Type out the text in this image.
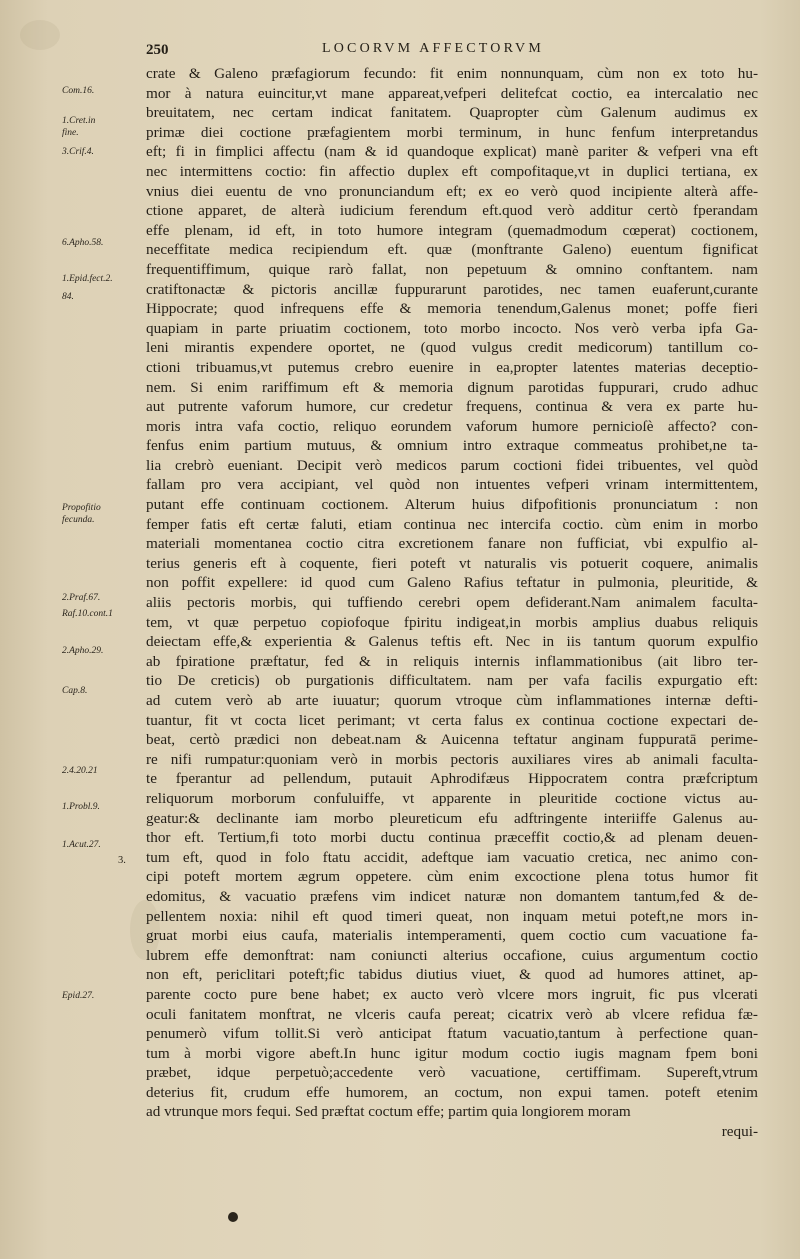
250	LOCORVM AFFECTORVM
Com.16.
1.Cret.in
fine.
3.Crif.4.
6.Apho.58.
1.Epid.fect.2.
84.
Propofitio
fecunda.
2.Praf.67.
Raf.10.cont.1
2.Apho.29.
Cap.8.
2.4.20.21
1.Probl.9.
1.Acut.27.
3.
Epid.27.
crate & Galeno præfagiorum fecundo: fit enim nonnunquam, cùm non ex toto hu-
mor à natura euincitur,vt mane appareat,vefperi delitefcat coctio, ea intercalatio nec
breuitatem, nec certam indicat fanitatem. Quapropter cùm Galenum audimus ex
primæ diei coctione præfagientem morbi terminum, in hunc fenfum interpretandus
eft; fi in fimplici affectu (nam & id quandoque explicat) manè pariter & vefperi vna eft
nec intermittens coctio: fin affectio duplex eft compofitaque,vt in duplici tertiana, ex
vnius diei euentu de vno pronunciandum eft; ex eo verò quod incipiente alterà affe-
ctione apparet, de alterà iudicium ferendum eft.quod verò additur certò fperandam
effe plenam, id eft, in toto humore integram (quemadmodum cœperat) coctionem,
neceffitate medica recipiendum eft. quæ (monftrante Galeno) euentum fignificat
frequentiffimum, quique rarò fallat, non pepetuum & omnino conftantem. nam
cratiftonactæ & pictoris ancillæ fuppurarunt parotides, nec tamen euaferunt,curante
Hippocrate; quod infrequens effe & memoria tenendum,Galenus monet; poffe fieri
quapiam in parte priuatim coctionem, toto morbo incocto. Nos verò verba ipfa Ga-
leni mirantis expendere oportet, ne (quod vulgus credit medicorum) tantillum co-
ctioni tribuamus,vt putemus crebro euenire in ea,propter latentes materias deceptio-
nem. Si enim rariffimum eft & memoria dignum parotidas fuppurari, crudo adhuc
aut putrente vaforum humore, cur credetur frequens, continua & vera ex parte hu-
moris intra vafa coctio, reliquo eorundem vaforum humore pernicioſè affecto? con-
fenfus enim partium mutuus, & omnium intro extraque commeatus prohibet,ne ta-
lia crebrò eueniant. Decipit verò medicos parum coctioni fidei tribuentes, vel quòd
fallam pro vera accipiant, vel quòd non intuentes vefperi vrinam intermittentem,
putant effe continuam coctionem. Alterum huius difpofitionis pronunciatum : non
femper fatis eft certæ faluti, etiam continua nec intercifa coctio. cùm enim in morbo
materiali momentanea coctio citra excretionem fanare non fufficiat, vbi expulfio al-
terius generis eft à coquente, fieri poteft vt naturalis vis potuerit coquere, animalis
non poffit expellere: id quod cum Galeno Rafius teftatur in pulmonia, pleuritide, &
aliis pectoris morbis, qui tuffiendo cerebri opem defiderant.Nam animalem faculta-
tem, vt quæ perpetuo copiofoque fpiritu indigeat,in morbis amplius duabus reliquis
deiectam effe,& experientia & Galenus teftis eft. Nec in iis tantum quorum expulfio
ab fpiratione præftatur, fed & in reliquis internis inflammationibus (ait libro ter-
tio De creticis) ob purgationis difficultatem. nam per vafa facilis expurgatio eft:
ad cutem verò ab arte iuuatur; quorum vtroque cùm inflammationes internæ defti-
tuantur, fit vt cocta licet perimant; vt certa falus ex continua coctione expectari de-
beat, certò prædici non debeat.nam & Auicenna teftatur anginam fuppuratā perime-
re nifi rumpatur:quoniam verò in morbis pectoris auxiliares vires ab animali faculta-
te fperantur ad pellendum, putauit Aphrodifæus Hippocratem contra præfcriptum
reliquorum morborum confuluiffe, vt apparente in pleuritide coctione victus au-
geatur:& declinante iam morbo pleureticum efu adftringente interiiffe Galenus au-
thor eft. Tertium,fi toto morbi ductu continua præceffit coctio,& ad plenam deuen-
tum eft, quod in folo ftatu accidit, adeftque iam vacuatio cretica, nec animo con-
cipi poteft mortem ægrum oppetere. cùm enim excoctione plena totus humor fit
edomitus, & vacuatio præfens vim indicet naturæ non domantem tantum,fed & de-
pellentem noxia: nihil eft quod timeri queat, non inquam metui poteft,ne mors in-
gruat morbi eius caufa, materialis intemperamenti, quem coctio cum vacuatione fa-
lubrem effe demonftrat: nam coniuncti alterius occafione, cuius argumentum coctio
non eft, periclitari poteft;fic tabidus diutius viuet, & quod ad humores attinet, ap-
parente cocto pure bene habet; ex aucto verò vlcere mors ingruit, fic pus vlcerati
oculi fanitatem monftrat, ne vlceris caufa pereat; cicatrix verò ab vlcere refidua fæ-
penumerò vifum tollit.Si verò anticipat ftatum vacuatio,tantum à perfectione quan-
tum à morbi vigore abeft.In hunc igitur modum coctio iugis magnam fpem boni
præbet, idque perpetuò;accedente verò vacuatione, certiffimam. Supereft,vtrum
deterius fit, crudum effe humorem, an coctum, non expui tamen. poteft etenim
ad vtrunque mors fequi. Sed præftat coctum effe; partim quia longiorem moram
requi-
